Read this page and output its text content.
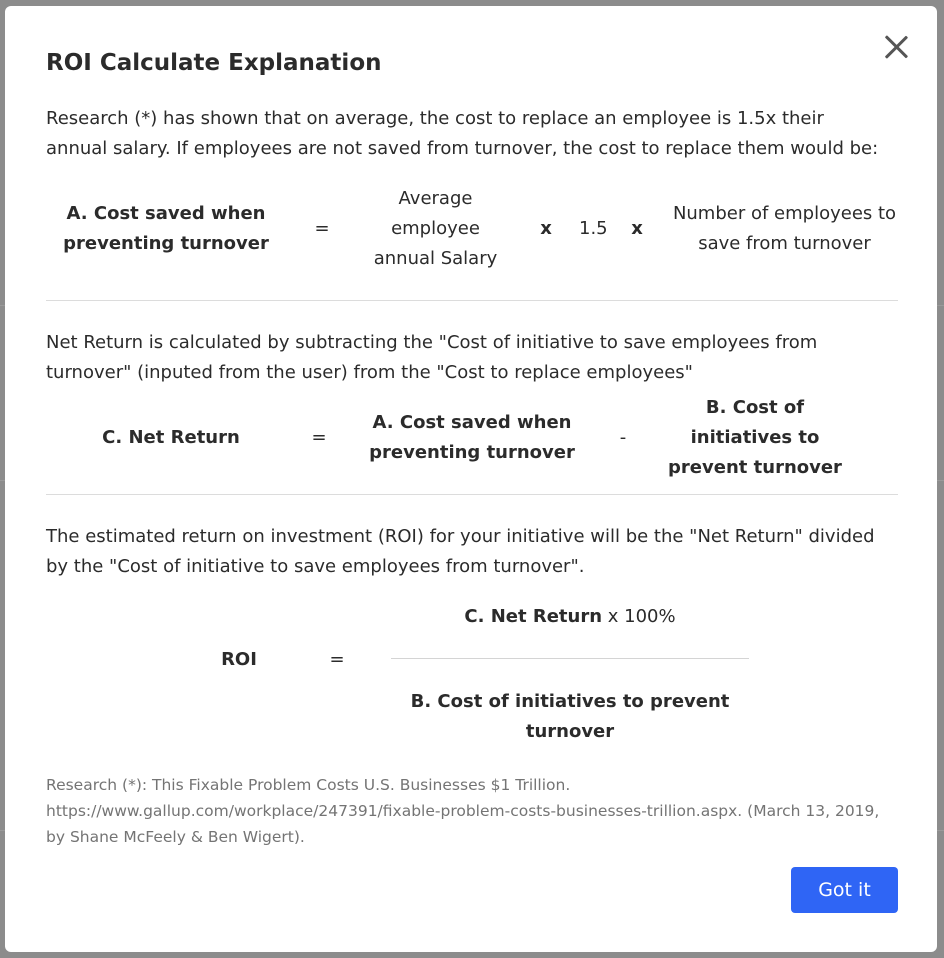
ROI Calculate Explanation

Research (*) has shown that on average, the cost to replace an employee is 1.5x their annual salary. If employees are not saved from turnover, the cost to replace them would be:

A. Cost saved when preventing turnover
=
Average employee annual Salary
x	1.5	x
Number of employees to save from turnover

Net Return is calculated by subtracting the "Cost of initiative to save employees from turnover" (inputed from the user) from the "Cost to replace employees"

C. Net Return	=
A. Cost saved when preventing turnover
-
B. Cost of initiatives to prevent turnover

The estimated return on investment (ROI) for your initiative will be the "Net Return" divided by the "Cost of initiative to save employees from turnover".

ROI	=
C. Net Return x 100%
B. Cost of initiatives to prevent turnover

Research (*): This Fixable Problem Costs U.S. Businesses $1 Trillion. https://www.gallup.com/workplace/247391/fixable-problem-costs-businesses-trillion.aspx. (March 13, 2019, by Shane McFeely & Ben Wigert).

Got it
